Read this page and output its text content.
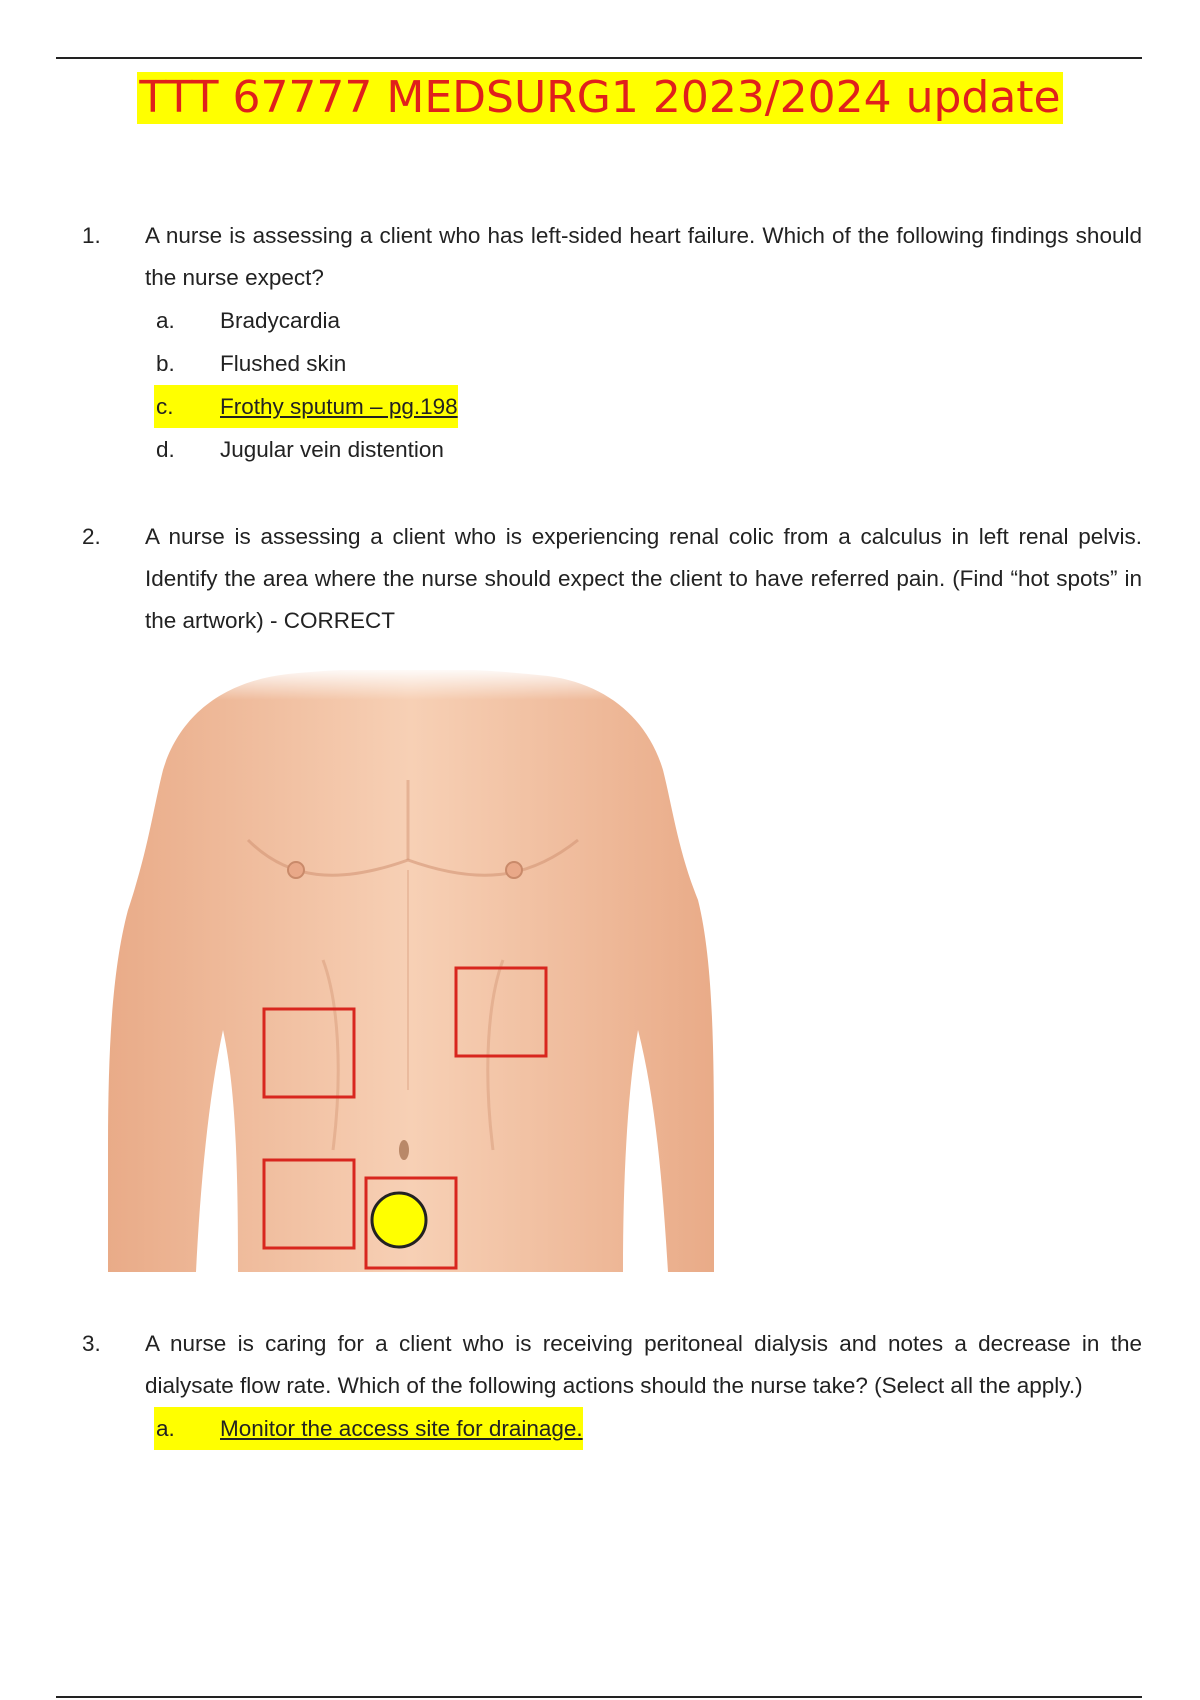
TTT 67777 MEDSURG1 2023/2024 update
1. A nurse is assessing a client who has left-sided heart failure. Which of the following findings should the nurse expect?
a. Bradycardia
b. Flushed skin
c. Frothy sputum – pg.198
d. Jugular vein distention
2. A nurse is assessing a client who is experiencing renal colic from a calculus in left renal pelvis. Identify the area where the nurse should expect the client to have referred pain. (Find “hot spots” in the artwork) - CORRECT
3. A nurse is caring for a client who is receiving peritoneal dialysis and notes a decrease in the dialysate flow rate. Which of the following actions should the nurse take? (Select all the apply.)
a. Monitor the access site for drainage.
